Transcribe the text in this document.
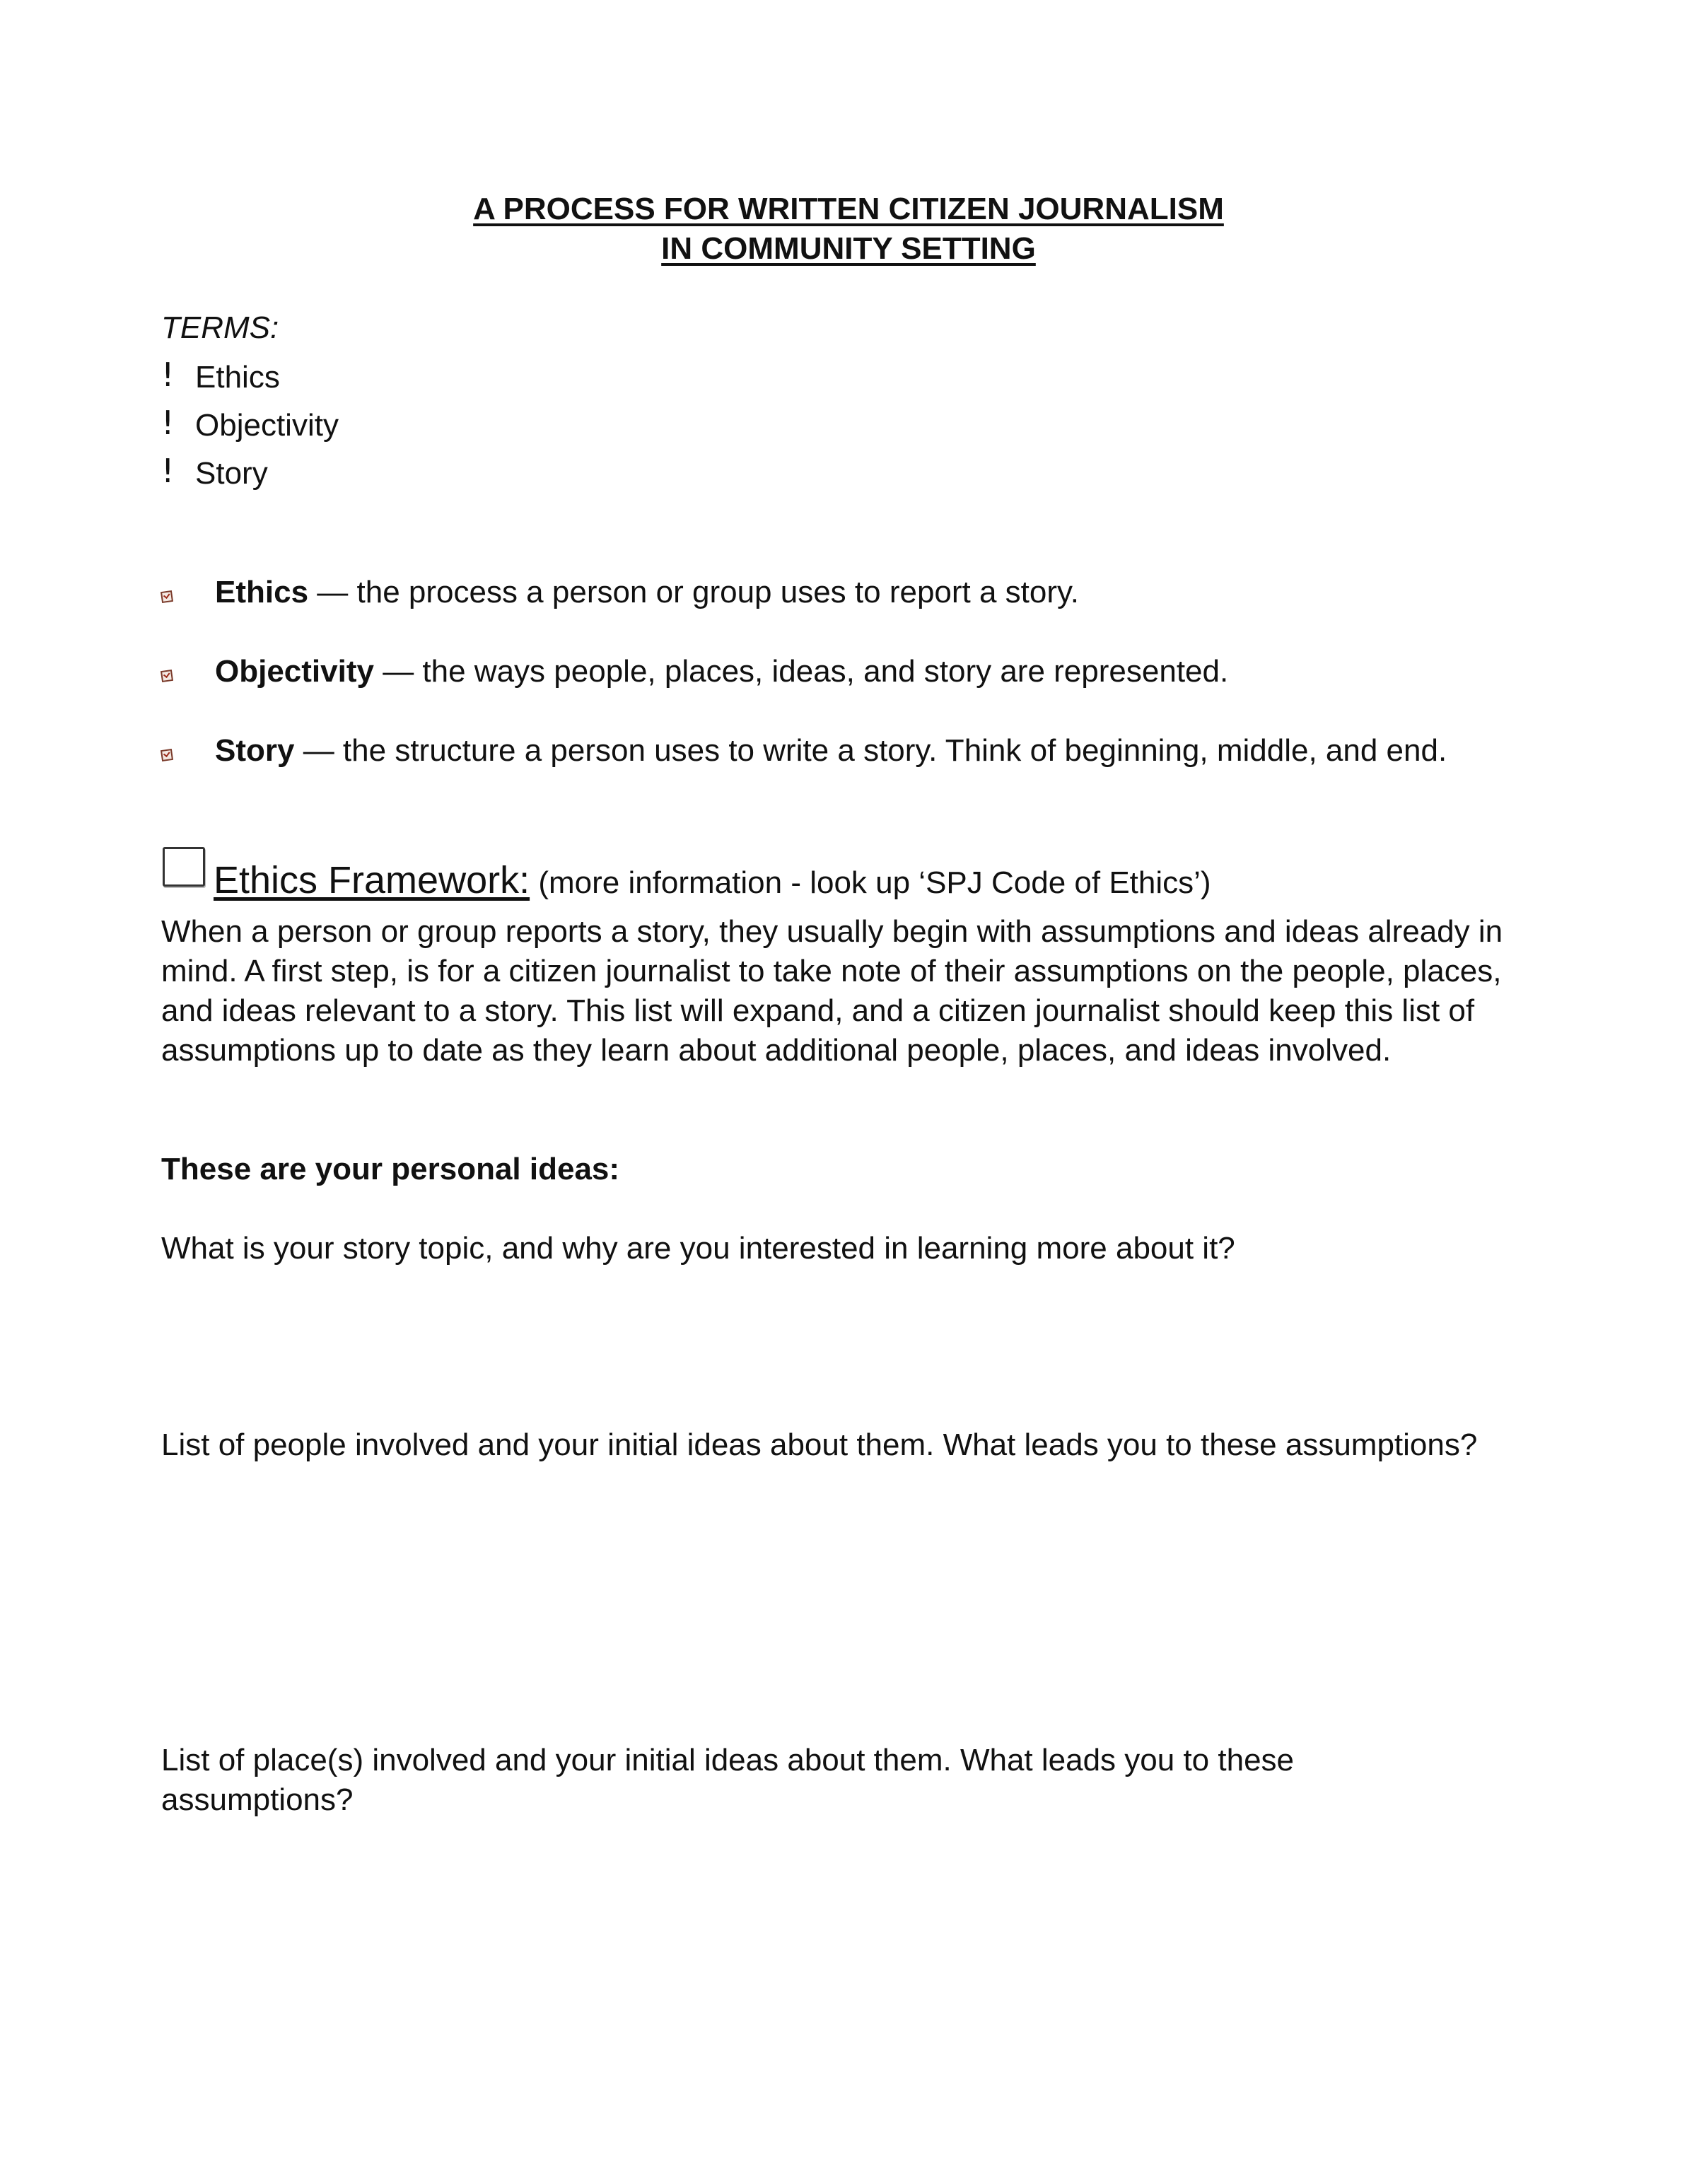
A PROCESS FOR WRITTEN CITIZEN JOURNALISM
IN COMMUNITY SETTING
TERMS:
! Ethics
! Objectivity
! Story
Ethics — the process a person or group uses to report a story.
Objectivity — the ways people, places, ideas, and story are represented.
Story — the structure a person uses to write a story. Think of beginning, middle, and end.
Ethics Framework: (more information - look up ‘SPJ Code of Ethics’)
When a person or group reports a story, they usually begin with assumptions and ideas already in mind. A first step, is for a citizen journalist to take note of their assumptions on the people, places, and ideas relevant to a story. This list will expand, and a citizen journalist should keep this list of assumptions up to date as they learn about additional people, places, and ideas involved.
These are your personal ideas:
What is your story topic, and why are you interested in learning more about it?
List of people involved and your initial ideas about them. What leads you to these assumptions?
List of place(s) involved and your initial ideas about them. What leads you to these assumptions?
